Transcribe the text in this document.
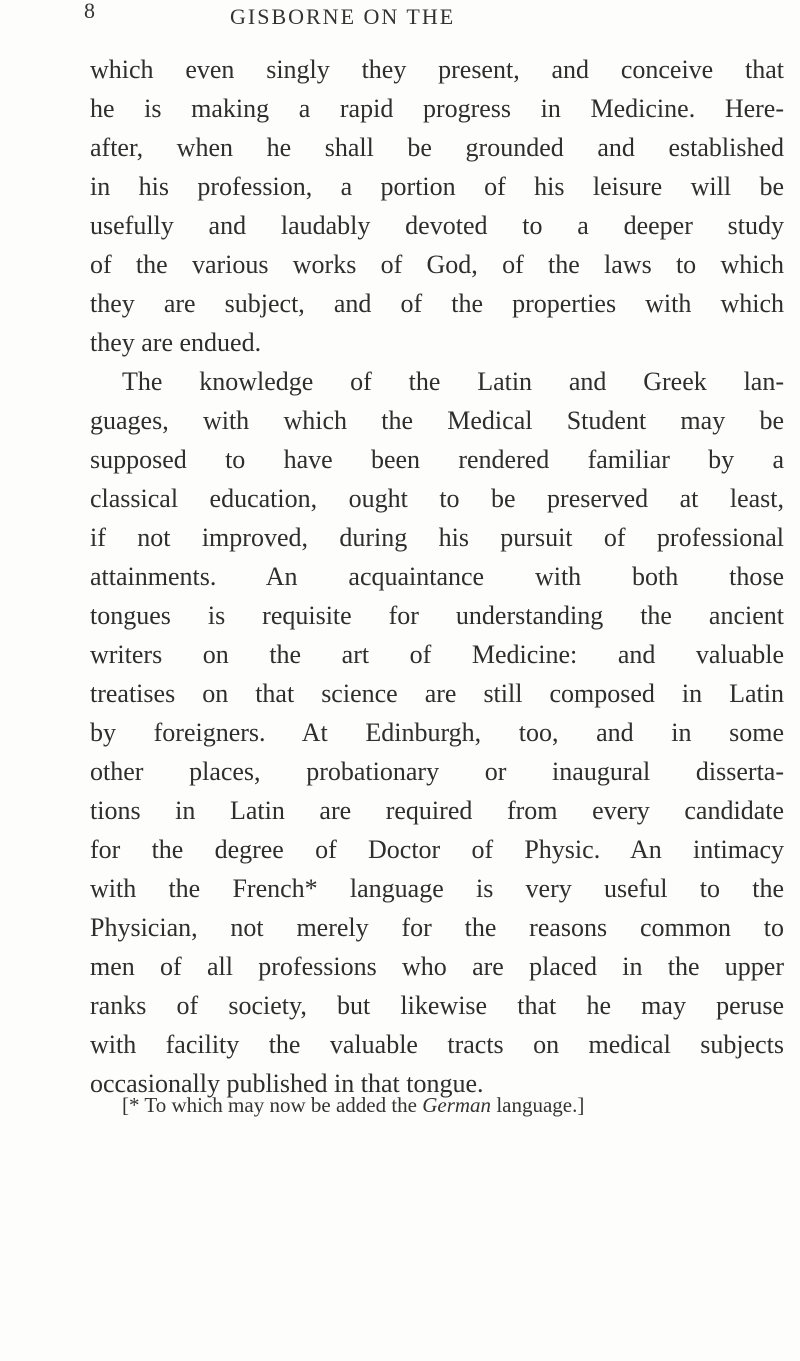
8	GISBORNE ON THE
which even singly they present, and conceive that
he is making a rapid progress in Medicine. Here-
after, when he shall be grounded and established
in his profession, a portion of his leisure will be
usefully and laudably devoted to a deeper study
of the various works of God, of the laws to which
they are subject, and of the properties with which
they are endued.
The knowledge of the Latin and Greek lan-
guages, with which the Medical Student may be
supposed to have been rendered familiar by a
classical education, ought to be preserved at least,
if not improved, during his pursuit of professional
attainments. An acquaintance with both those
tongues is requisite for understanding the ancient
writers on the art of Medicine: and valuable
treatises on that science are still composed in Latin
by foreigners. At Edinburgh, too, and in some
other places, probationary or inaugural disserta-
tions in Latin are required from every candidate
for the degree of Doctor of Physic. An intimacy
with the French* language is very useful to the
Physician, not merely for the reasons common to
men of all professions who are placed in the upper
ranks of society, but likewise that he may peruse
with facility the valuable tracts on medical subjects
occasionally published in that tongue.
[* To which may now be added the German language.]
